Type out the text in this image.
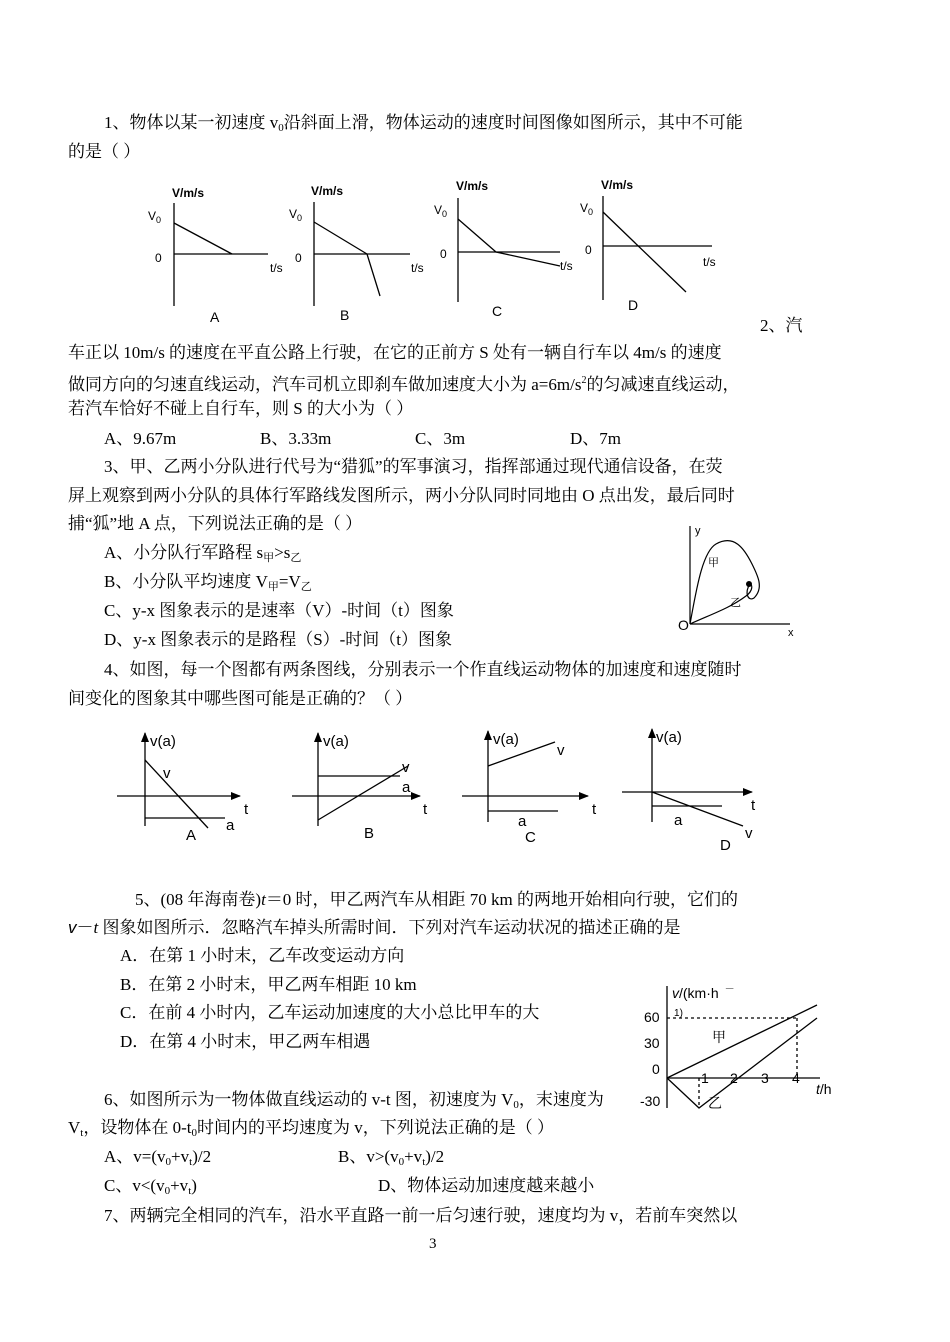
1、物体以某一初速度 $v_0$沿斜面上滑，物体运动的速度时间图像如图所示，其中不可能
的是（ ）
V/m/s
$V_0$
0
t/s
A
V/m/s
$V_0$
0
t/s
B
V/m/s
$V_0$
0
t/s
C
V/m/s
$V_0$
0
t/s
D
2、汽
车正以 10m/s 的速度在平直公路上行驶，在它的正前方 S 处有一辆自行车以 4m/s 的速度
做同方向的匀速直线运动，汽车司机立即刹车做加速度大小为 $a=6m/s^2$的匀减速直线运动，
若汽车恰好不碰上自行车，则 S 的大小为（ ）
A、9.67m	B、3.33m	C、3m	D、7m
3、甲、乙两小分队进行代号为“猎狐”的军事演习，指挥部通过现代通信设备，在荧
屏上观察到两小分队的具体行军路线发图所示，两小分队同时同地由 O 点出发，最后同时
捕“狐”地 A 点，下列说法正确的是（ ）
A、小分队行军路程 $s_甲>s_乙$
B、小分队平均速度 $V_甲=V_乙$
C、y-x 图象表示的是速率（V）-时间（t）图象
D、y-x 图象表示的是路程（S）-时间（t）图象
y
x
O
甲
乙
4、如图，每一个图都有两条图线，分别表示一个作直线运动物体的加速度和速度随时
间变化的图象其中哪些图可能是正确的？（ ）
v(a)
t
v
a
A
v(a)
t
v
a
B
v(a)
t
v
a
C
v(a)
t
v
a
D
5、(08 年海南卷)t＝0 时，甲乙两汽车从相距 70 km 的两地开始相向行驶，它们的
v－t 图象如图所示．忽略汽车掉头所需时间．下列对汽车运动状况的描述正确的是
A．在第 1 小时末，乙车改变运动方向
B．在第 2 小时末，甲乙两车相距 10 km
C．在前 4 小时内，乙车运动加速度的大小总比甲车的大
D．在第 4 小时末，甲乙两车相遇
v/(km·h －
1)
60
30
0
-30
1 2 3 4
t/h
甲
乙
6、如图所示为一物体做直线运动的 v-t 图，初速度为 $V_0$，末速度为
$V_t$，设物体在 $0-t_0$时间内的平均速度为 v，下列说法正确的是（ ）
A、$v=(v_0+v_t)/2$	B、$v>(v_0+v_t)/2$
C、$v<(v_0+v_t)$	D、物体运动加速度越来越小
7、两辆完全相同的汽车，沿水平直路一前一后匀速行驶，速度均为 v，若前车突然以
3
